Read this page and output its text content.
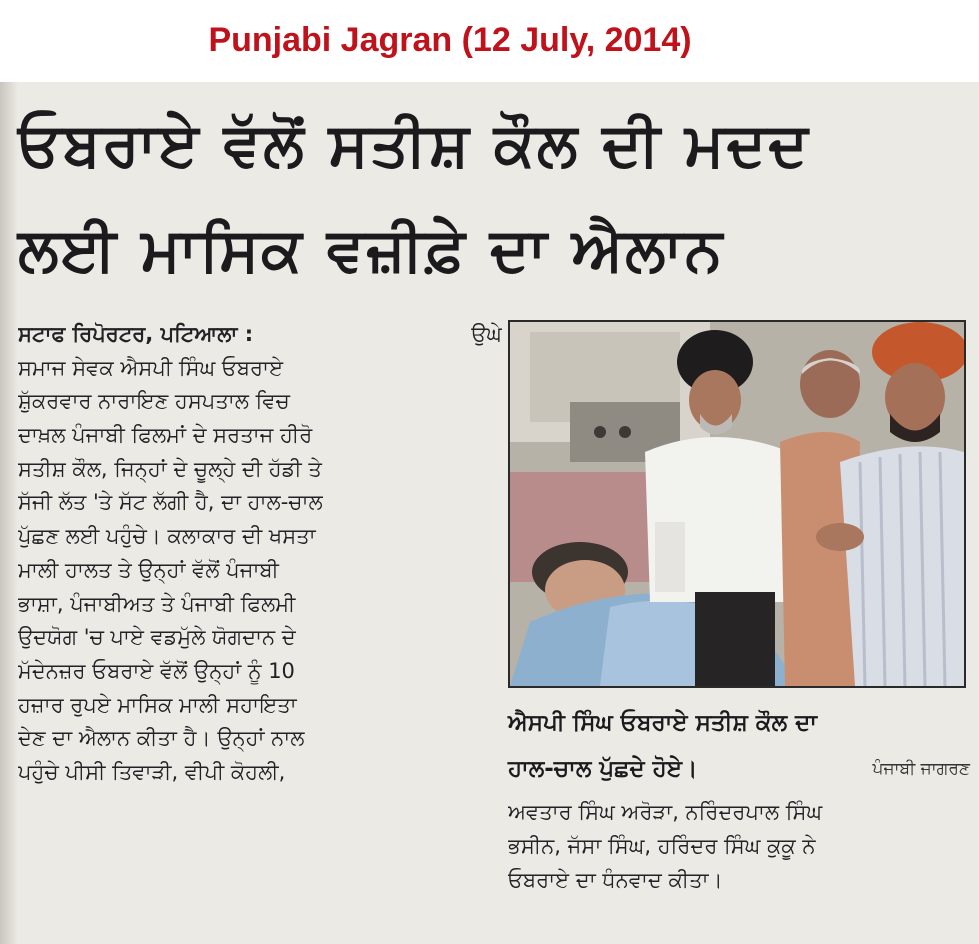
Punjabi Jagran (12 July, 2014)
ਓਬਰਾਏ ਵੱਲੋਂ ਸਤੀਸ਼ ਕੌਲ ਦੀ ਮਦਦ
ਲਈ ਮਾਸਿਕ ਵਜ਼ੀਫ਼ੇ ਦਾ ਐਲਾਨ
ਸਟਾਫ ਰਿਪੋਰਟਰ, ਪਟਿਆਲਾ :	ਉਘੇ
ਸਮਾਜ ਸੇਵਕ ਐਸਪੀ ਸਿੰਘ ਓਬਰਾਏ
ਸ਼ੁੱਕਰਵਾਰ ਨਾਰਾਇਣ ਹਸਪਤਾਲ ਵਿਚ
ਦਾਖ਼ਲ ਪੰਜਾਬੀ ਫਿਲਮਾਂ ਦੇ ਸਰਤਾਜ ਹੀਰੋ
ਸਤੀਸ਼ ਕੌਲ, ਜਿਨ੍ਹਾਂ ਦੇ ਚੂਲ੍ਹੇ ਦੀ ਹੱਡੀ ਤੇ
ਸੱਜੀ ਲੱਤ 'ਤੇ ਸੱਟ ਲੱਗੀ ਹੈ, ਦਾ ਹਾਲ-ਚਾਲ
ਪੁੱਛਣ ਲਈ ਪਹੁੰਚੇ। ਕਲਾਕਾਰ ਦੀ ਖਸਤਾ
ਮਾਲੀ ਹਾਲਤ ਤੇ ਉਨ੍ਹਾਂ ਵੱਲੋਂ ਪੰਜਾਬੀ
ਭਾਸ਼ਾ, ਪੰਜਾਬੀਅਤ ਤੇ ਪੰਜਾਬੀ ਫਿਲਮੀ
ਉਦਯੋਗ 'ਚ ਪਾਏ ਵਡਮੁੱਲੇ ਯੋਗਦਾਨ ਦੇ
ਮੱਦੇਨਜ਼ਰ ਓਬਰਾਏ ਵੱਲੋਂ ਉਨ੍ਹਾਂ ਨੂੰ 10
ਹਜ਼ਾਰ ਰੁਪਏ ਮਾਸਿਕ ਮਾਲੀ ਸਹਾਇਤਾ
ਦੇਣ ਦਾ ਐਲਾਨ ਕੀਤਾ ਹੈ। ਉਨ੍ਹਾਂ ਨਾਲ
ਪਹੁੰਚੇ ਪੀਸੀ ਤਿਵਾੜੀ, ਵੀਪੀ ਕੋਹਲੀ,
ਐਸਪੀ ਸਿੰਘ ਓਬਰਾਏ ਸਤੀਸ਼ ਕੌਲ ਦਾ
ਹਾਲ-ਚਾਲ ਪੁੱਛਦੇ ਹੋਏ।	ਪੰਜਾਬੀ ਜਾਗਰਣ
ਅਵਤਾਰ ਸਿੰਘ ਅਰੋੜਾ, ਨਰਿੰਦਰਪਾਲ ਸਿੰਘ
ਭਸੀਨ, ਜੱਸਾ ਸਿੰਘ, ਹਰਿੰਦਰ ਸਿੰਘ ਕੁਕੂ ਨੇ
ਓਬਰਾਏ ਦਾ ਧੰਨਵਾਦ ਕੀਤਾ।
